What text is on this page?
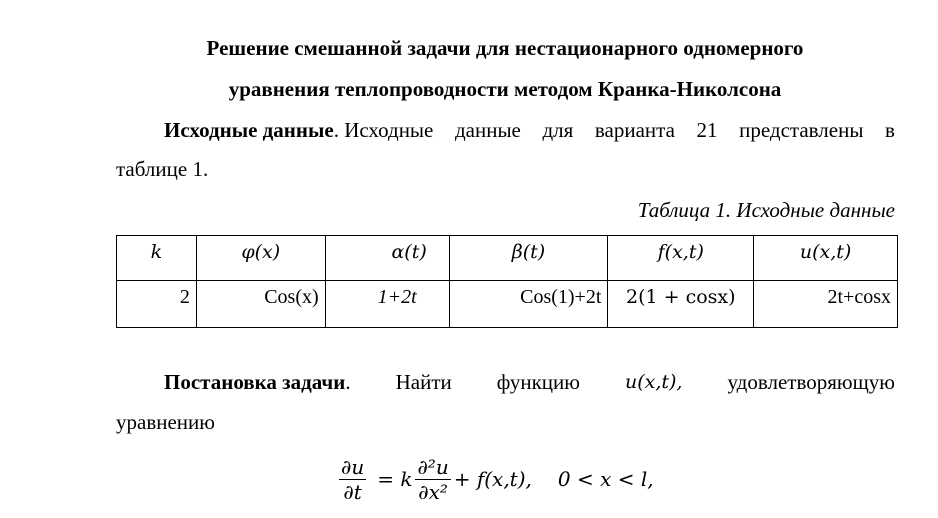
Решение смешанной задачи для нестационарного одномерного
уравнения теплопроводности методом Кранка-Николсона
Исходные данные. Исходные данные для варианта 21 представлены в
таблице 1.
Таблица 1. Исходные данные
k	φ(x)	α(t)	β(t)	f(x,t)	u(x,t)

2	Cos(x)	1+2t	Cos(1)+2t	2(1 + cosx)	2t+cosx
Постановка задачи. Найти функцию u(x,t), удовлетворяющую
уравнению
$\frac{\partial u}{\partial t} = k \frac{\text{∂²u}}{\text{∂x²}} + f(x,t)$, 0 < x < l,
